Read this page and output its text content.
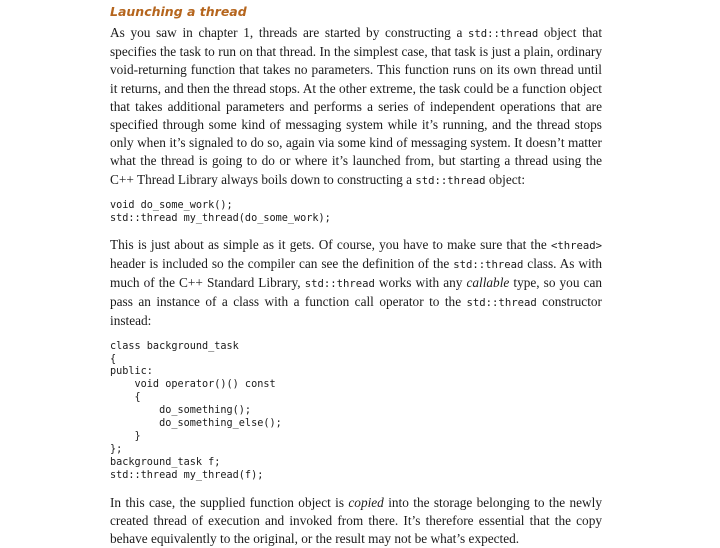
Launching a thread

As you saw in chapter 1, threads are started by constructing a std::thread object that specifies the task to run on that thread. In the simplest case, that task is just a plain, ordinary void-returning function that takes no parameters. This function runs on its own thread until it returns, and then the thread stops. At the other extreme, the task could be a function object that takes additional parameters and performs a series of independent operations that are specified through some kind of messaging system while it’s running, and the thread stops only when it’s signaled to do so, again via some kind of messaging system. It doesn’t matter what the thread is going to do or where it’s launched from, but starting a thread using the C++ Thread Library always boils down to constructing a std::thread object:

void do_some_work();
std::thread my_thread(do_some_work);

This is just about as simple as it gets. Of course, you have to make sure that the <thread> header is included so the compiler can see the definition of the std::thread class. As with much of the C++ Standard Library, std::thread works with any callable type, so you can pass an instance of a class with a function call operator to the std::thread constructor instead:

class background_task
{
public:
void operator()() const
{
do_something();
do_something_else();
}
};
background_task f;
std::thread my_thread(f);

In this case, the supplied function object is copied into the storage belonging to the newly created thread of execution and invoked from there. It’s therefore essential that the copy behave equivalently to the original, or the result may not be what’s expected.
